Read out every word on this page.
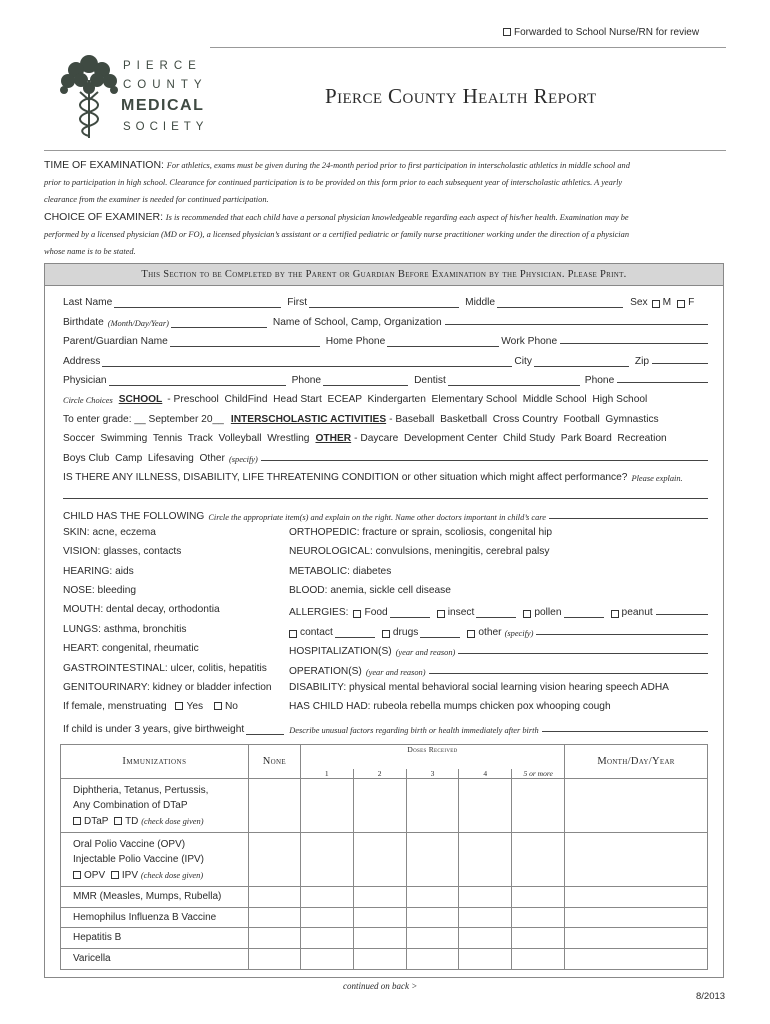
Forwarded to School Nurse/RN for review
PIERCE
COUNTY
MEDICAL
SOCIETY
Pierce County Health Report
TIME OF EXAMINATION: For athletics, exams must be given during the 24-month period prior to first participation in interscholastic athletics in middle school and
prior to participation in high school. Clearance for continued participation is to be provided on this form prior to each subsequent year of interscholastic athletics. A yearly
clearance from the examiner is needed for continued participation.
CHOICE OF EXAMINER: Is is recommended that each child have a personal physician knowledgeable regarding each aspect of his/her health. Examination may be
performed by a licensed physician (MD or FO), a licensed physician’s assistant or a certified pediatric or family nurse practitioner working under the direction of a physician
whose name is to be stated.
This Section to be Completed by the Parent or Guardian Before Examination by the Physician. Please Print.
Last Name	First	Middle	Sex M F
Birthdate (Month/Day/Year)	Name of School, Camp, Organization
Parent/Guardian Name	Home Phone	Work Phone
Address	City	Zip
Physician	Phone	Dentist	Phone
Circle Choices SCHOOL - Preschool  ChildFind  Head Start  ECEAP  Kindergarten  Elementary School  Middle School  High School
To enter grade: __ September 20__ INTERSCHOLASTIC ACTIVITIES - Baseball  Basketball  Cross Country  Football  Gymnastics
Soccer  Swimming  Tennis  Track  Volleyball  Wrestling OTHER - Daycare  Development Center  Child Study  Park Board  Recreation
Boys Club  Camp  Lifesaving  Other (specify)
IS THERE ANY ILLNESS, DISABILITY, LIFE THREATENING CONDITION or other situation which might affect performance? Please explain.
CHILD HAS THE FOLLOWING Circle the appropriate item(s) and explain on the right. Name other doctors important in child’s care
SKIN: acne, eczema
VISION: glasses, contacts
HEARING: aids
NOSE: bleeding
MOUTH: dental decay, orthodontia
LUNGS: asthma, bronchitis
HEART: congenital, rheumatic
GASTROINTESTINAL: ulcer, colitis, hepatitis
GENITOURINARY: kidney or bladder infection
ORTHOPEDIC: fracture or sprain, scoliosis, congenital hip
NEUROLOGICAL: convulsions, meningitis, cerebral palsy
METABOLIC: diabetes
BLOOD: anemia, sickle cell disease
ALLERGIES: Food	insect	pollen	peanut
contact	drugs	other (specify)
HOSPITALIZATION(S) (year and reason)
OPERATION(S) (year and reason)
DISABILITY: physical mental behavioral social learning vision hearing speech ADHA
If female, menstruating Yes No	HAS CHILD HAD: rubeola rebella mumps chicken pox whooping cough
If child is under 3 years, give birthweight	Describe unusual factors regarding birth or health immediately after birth
Immunizations	None	Doses Received					Month/Day/Year
		1	2	3	4	5 or more	

Diphtheria, Tetanus, Pertussis,
Any Combination of DTaP
DTaP TD (check dose given)							

Oral Polio Vaccine (OPV)
Injectable Polio Vaccine (IPV)
OPV IPV (check dose given)							

MMR (Measles, Mumps, Rubella)							
Hemophilus Influenza B Vaccine							
Hepatitis B							
Varicella							
continued on back >
8/2013
